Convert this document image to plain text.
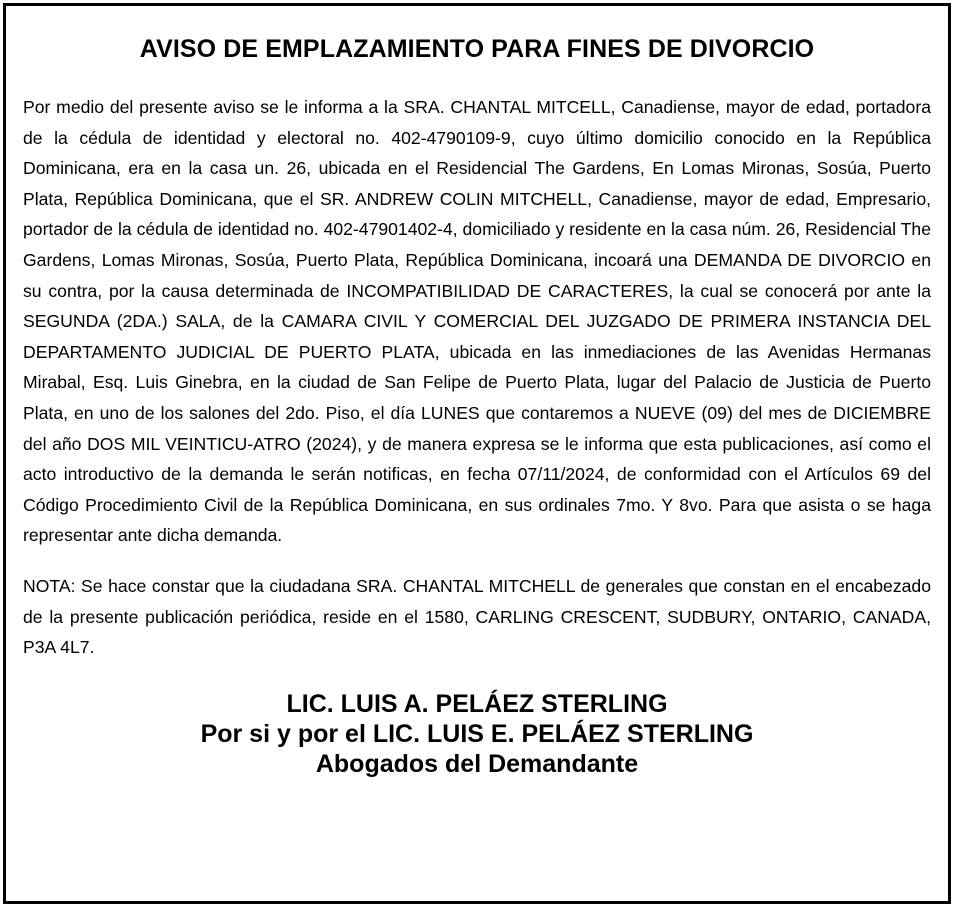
AVISO DE EMPLAZAMIENTO PARA FINES DE DIVORCIO

Por medio del presente aviso se le informa a la SRA. CHANTAL MITCELL, Canadiense, mayor de edad, portadora de la cédula de identidad y electoral no. 402-4790109-9, cuyo último domicilio conocido en la República Dominicana, era en la casa un. 26, ubicada en el Residencial The Gardens, En Lomas Mironas, Sosúa, Puerto Plata, República Dominicana, que el SR. ANDREW COLIN MITCHELL, Canadiense, mayor de edad, Empresario, portador de la cédula de identidad no. 402-47901402-4, domiciliado y residente en la casa núm. 26, Residencial The Gardens, Lomas Mironas, Sosúa, Puerto Plata, República Dominicana, incoará una DEMANDA DE DIVORCIO en su contra, por la causa determinada de INCOMPATIBILIDAD DE CARACTERES, la cual se conocerá por ante la SEGUNDA (2DA.) SALA, de la CAMARA CIVIL Y COMERCIAL DEL JUZGADO DE PRIMERA INSTANCIA DEL DEPARTAMENTO JUDICIAL DE PUERTO PLATA, ubicada en las inmediaciones de las Avenidas Hermanas Mirabal, Esq. Luis Ginebra, en la ciudad de San Felipe de Puerto Plata, lugar del Palacio de Justicia de Puerto Plata, en uno de los salones del 2do. Piso, el día LUNES que contaremos a NUEVE (09) del mes de DICIEMBRE del año DOS MIL VEINTICU-ATRO (2024), y de manera expresa se le informa que esta publicaciones, así como el acto introductivo de la demanda le serán notificas, en fecha 07/11/2024, de conformidad con el Artículos 69 del Código Procedimiento Civil de la República Dominicana, en sus ordinales 7mo. Y 8vo. Para que asista o se haga representar ante dicha demanda.

NOTA: Se hace constar que la ciudadana SRA. CHANTAL MITCHELL de generales que constan en el encabezado de la presente publicación periódica, reside en el 1580, CARLING CRESCENT, SUDBURY, ONTARIO, CANADA, P3A 4L7.

LIC. LUIS A. PELÁEZ STERLING
Por si y por el LIC. LUIS E. PELÁEZ STERLING
Abogados del Demandante
